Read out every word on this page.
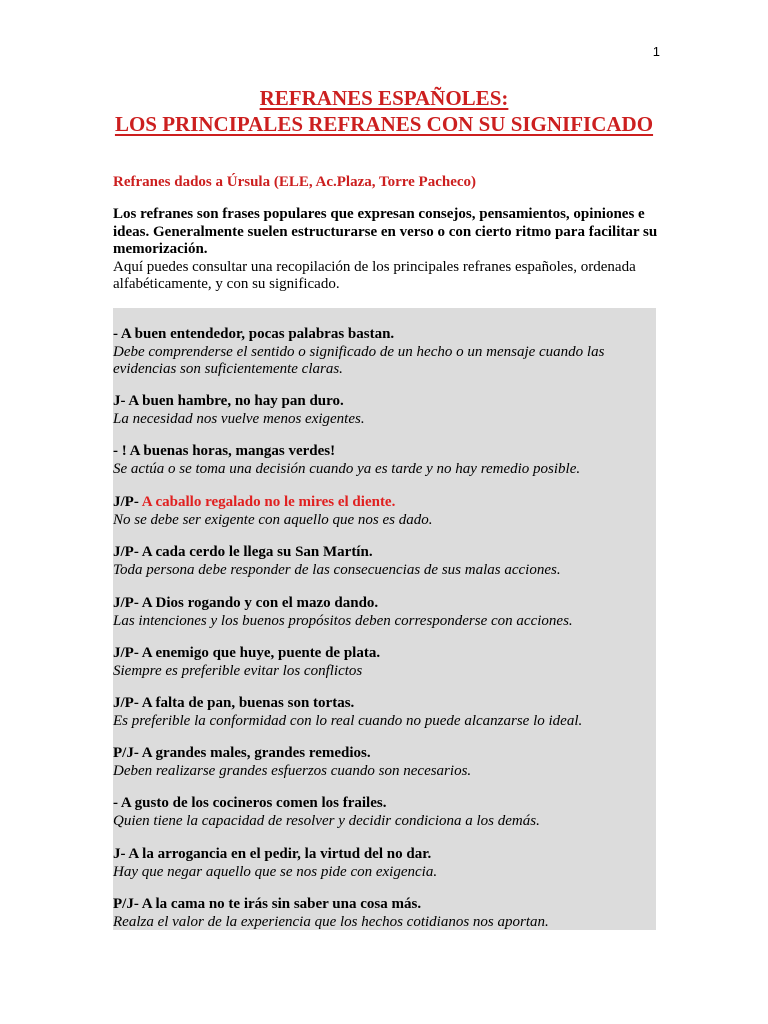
1
REFRANES ESPAÑOLES:
LOS PRINCIPALES REFRANES CON SU SIGNIFICADO
Refranes dados a Úrsula (ELE, Ac.Plaza, Torre Pacheco)
Los refranes son frases populares que expresan consejos, pensamientos, opiniones e ideas. Generalmente suelen estructurarse en verso o con cierto ritmo para facilitar su memorización.
Aquí puedes consultar una recopilación de los principales refranes españoles, ordenada alfabéticamente, y con su significado.
- A buen entendedor, pocas palabras bastan.
Debe comprenderse el sentido o significado de un hecho o un mensaje cuando las evidencias son suficientemente claras.
J- A buen hambre, no hay pan duro.
La necesidad nos vuelve menos exigentes.
- ! A buenas horas, mangas verdes!
Se actúa o se toma una decisión cuando ya es tarde y no hay remedio posible.
J/P- A caballo regalado no le mires el diente.
No se debe ser exigente con aquello que nos es dado.
J/P- A cada cerdo le llega su San Martín.
Toda persona debe responder de las consecuencias de sus malas acciones.
J/P- A Dios rogando y con el mazo dando.
Las intenciones y los buenos propósitos deben corresponderse con acciones.
J/P- A enemigo que huye, puente de plata.
Siempre es preferible evitar los conflictos
J/P- A falta de pan, buenas son tortas.
Es preferible la conformidad con lo real cuando no puede alcanzarse lo ideal.
P/J- A grandes males, grandes remedios.
Deben realizarse grandes esfuerzos cuando son necesarios.
- A gusto de los cocineros comen los frailes.
Quien tiene la capacidad de resolver y decidir condiciona a los demás.
J- A la arrogancia en el pedir, la virtud del no dar.
Hay que negar aquello que se nos pide con exigencia.
P/J- A la cama no te irás sin saber una cosa más.
Realza el valor de la experiencia que los hechos cotidianos nos aportan.
